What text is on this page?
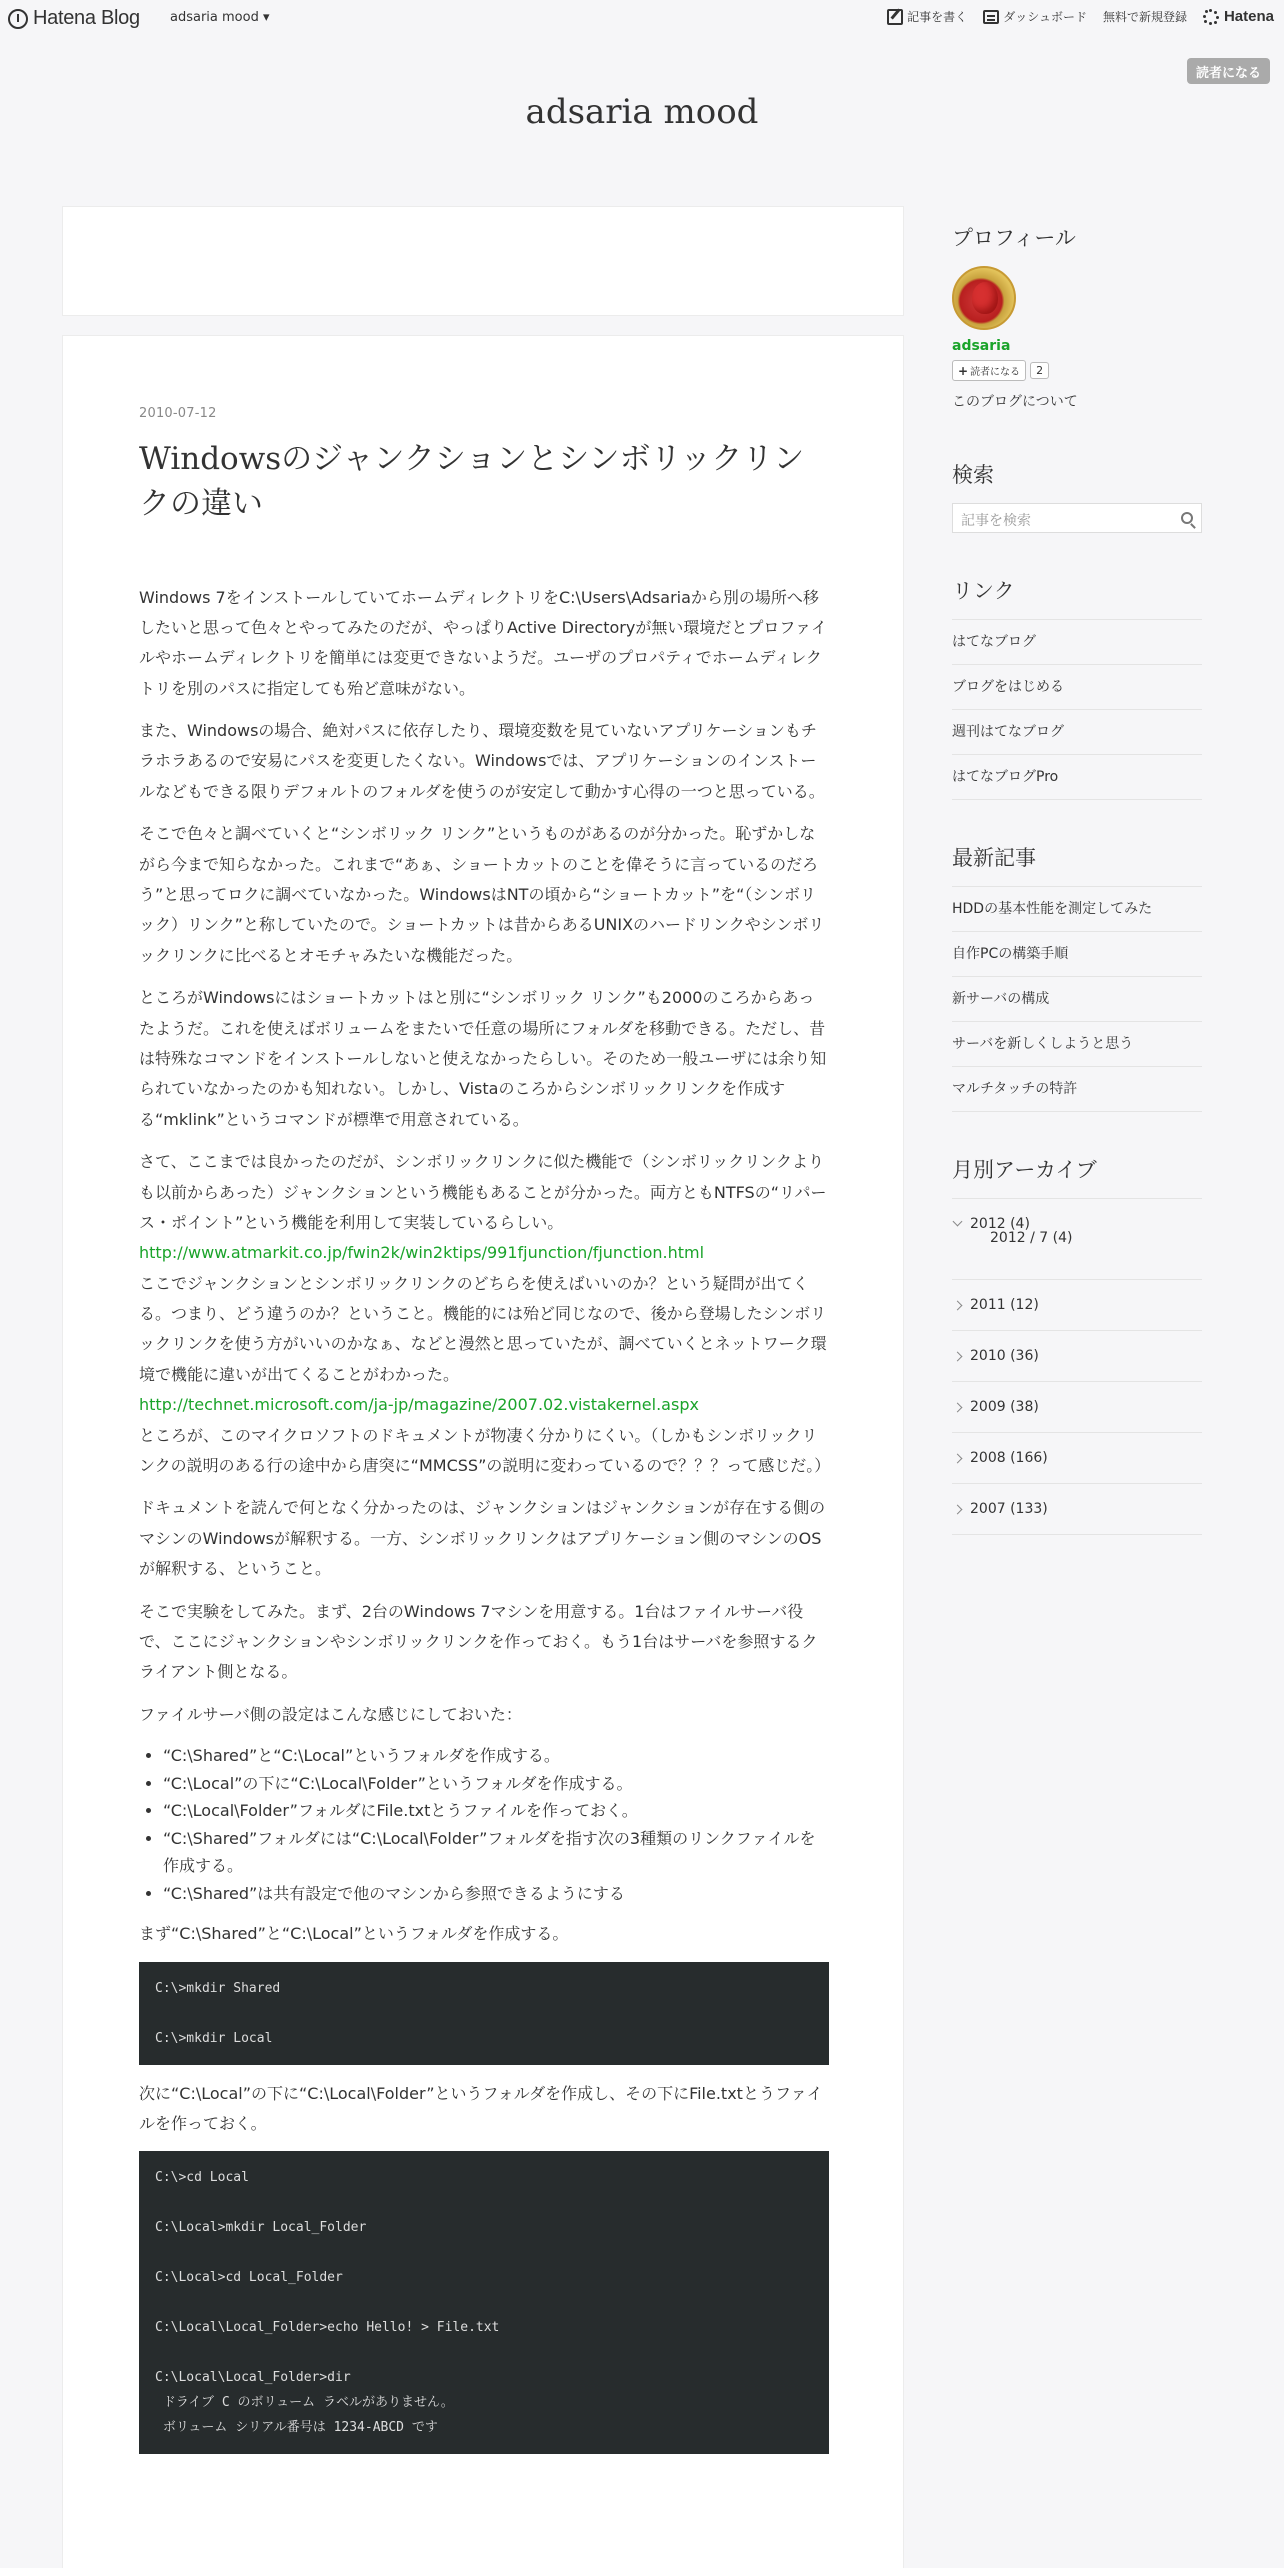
Hatena Blog adsaria mood ▾	記事を書く	ダッシュボード 無料で新規登録 Hatena
読者になる
adsaria mood
2010-07-12
Windowsのジャンクションとシンボリックリンクの違い

Windows 7をインストールしていてホームディレクトリをC:\Users\Adsariaから別の場所へ移したいと思って色々とやってみたのだが、やっぱりActive Directoryが無い環境だとプロファイルやホームディレクトリを簡単には変更できないようだ。ユーザのプロパティでホームディレクトリを別のパスに指定しても殆ど意味がない。

また、Windowsの場合、絶対パスに依存したり、環境変数を見ていないアプリケーションもチラホラあるので安易にパスを変更したくない。Windowsでは、アプリケーションのインストールなどもできる限りデフォルトのフォルダを使うのが安定して動かす心得の一つと思っている。

そこで色々と調べていくと“シンボリック リンク”というものがあるのが分かった。恥ずかしながら今まで知らなかった。これまで“あぁ、ショートカットのことを偉そうに言っているのだろう”と思ってロクに調べていなかった。WindowsはNTの頃から“ショートカット”を“（シンボリック）リンク”と称していたので。ショートカットは昔からあるUNIXのハードリンクやシンボリックリンクに比べるとオモチャみたいな機能だった。

ところがWindowsにはショートカットはと別に“シンボリック リンク”も2000のころからあったようだ。これを使えばボリュームをまたいで任意の場所にフォルダを移動できる。ただし、昔は特殊なコマンドをインストールしないと使えなかったらしい。そのため一般ユーザには余り知られていなかったのかも知れない。しかし、Vistaのころからシンボリックリンクを作成する“mklink”というコマンドが標準で用意されている。

さて、ここまでは良かったのだが、シンボリックリンクに似た機能で（シンボリックリンクよりも以前からあった）ジャンクションという機能もあることが分かった。両方ともNTFSの“リパース・ポイント”という機能を利用して実装しているらしい。

http://www.atmarkit.co.jp/fwin2k/win2ktips/991fjunction/fjunction.html

ここでジャンクションとシンボリックリンクのどちらを使えばいいのか？という疑問が出てくる。つまり、どう違うのか？ということ。機能的には殆ど同じなので、後から登場したシンボリックリンクを使う方がいいのかなぁ、などと漫然と思っていたが、調べていくとネットワーク環境で機能に違いが出てくることがわかった。

http://technet.microsoft.com/ja-jp/magazine/2007.02.vistakernel.aspx

ところが、このマイクロソフトのドキュメントが物凄く分かりにくい。（しかもシンボリックリンクの説明のある行の途中から唐突に“MMCSS”の説明に変わっているので？？？って感じだ。）

ドキュメントを読んで何となく分かったのは、ジャンクションはジャンクションが存在する側のマシンのWindowsが解釈する。一方、シンボリックリンクはアプリケーション側のマシンのOSが解釈する、ということ。

そこで実験をしてみた。まず、2台のWindows 7マシンを用意する。1台はファイルサーバ役で、ここにジャンクションやシンボリックリンクを作っておく。もう1台はサーバを参照するクライアント側となる。

ファイルサーバ側の設定はこんな感じにしておいた：

• “C:\Shared”と“C:\Local”というフォルダを作成する。
• “C:\Local”の下に“C:\Local\Folder”というフォルダを作成する。
• “C:\Local\Folder”フォルダにFile.txtとうファイルを作っておく。
• “C:\Shared”フォルダには“C:\Local\Folder”フォルダを指す次の3種類のリンクファイルを作成する。
• “C:\Shared”は共有設定で他のマシンから参照できるようにする

まず“C:\Shared”と“C:\Local”というフォルダを作成する。

C:\>mkdir Shared

C:\>mkdir Local

次に“C:\Local”の下に“C:\Local\Folder”というフォルダを作成し、その下にFile.txtとうファイルを作っておく。

C:\>cd Local

C:\Local>mkdir Local_Folder

C:\Local>cd Local_Folder

C:\Local\Local_Folder>echo Hello! > File.txt

C:\Local\Local_Folder>dir
ドライブ C のボリューム ラベルがありません。
ボリューム シリアル番号は 1234-ABCD です
プロフィール
adsaria
+ 読者になる	2
このブログについて
検索
記事を検索
リンク
はてなブログ
ブログをはじめる
週刊はてなブログ
はてなブログPro
最新記事
HDDの基本性能を測定してみた
自作PCの構築手順
新サーバの構成
サーバを新しくしようと思う
マルチタッチの特許
月別アーカイブ
2012 (4)
2012 / 7 (4)
2011 (12)
2010 (36)
2009 (38)
2008 (166)
2007 (133)
